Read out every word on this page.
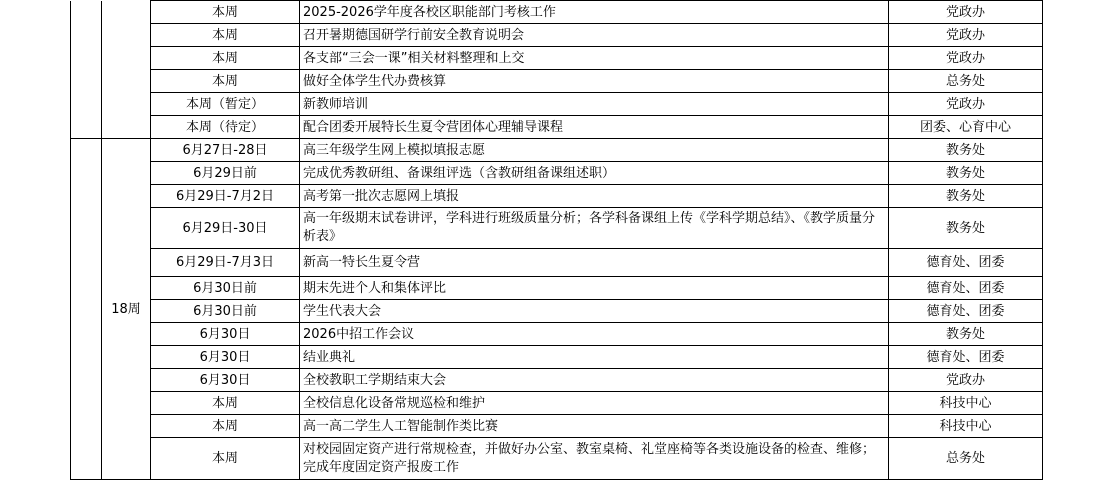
		本周	2025-2026学年度各校区职能部门考核工作	党政办
		本周	召开暑期德国研学行前安全教育说明会	党政办
		本周	各支部“三会一课”相关材料整理和上交	党政办
		本周	做好全体学生代办费核算	总务处
		本周（暂定）	新教师培训	党政办
		本周（待定）	配合团委开展特长生夏令营团体心理辅导课程	团委、心育中心
	18周	6月27日-28日	高三年级学生网上模拟填报志愿	教务处
		6月29日前	完成优秀教研组、备课组评选（含教研组备课组述职）	教务处
		6月29日-7月2日	高考第一批次志愿网上填报	教务处
		6月29日-30日	高一年级期末试卷讲评，学科进行班级质量分析；各学科备课组上传《学科学期总结》、《教学质量分析表》	教务处
		6月29日-7月3日	新高一特长生夏令营	德育处、团委
		6月30日前	期末先进个人和集体评比	德育处、团委
		6月30日前	学生代表大会	德育处、团委
		6月30日	2026中招工作会议	教务处
		6月30日	结业典礼	德育处、团委
		6月30日	全校教职工学期结束大会	党政办
		本周	全校信息化设备常规巡检和维护	科技中心
		本周	高一高二学生人工智能制作类比赛	科技中心
		本周	对校园固定资产进行常规检查，并做好办公室、教室桌椅、礼堂座椅等各类设施设备的检查、维修；完成年度固定资产报废工作	总务处
